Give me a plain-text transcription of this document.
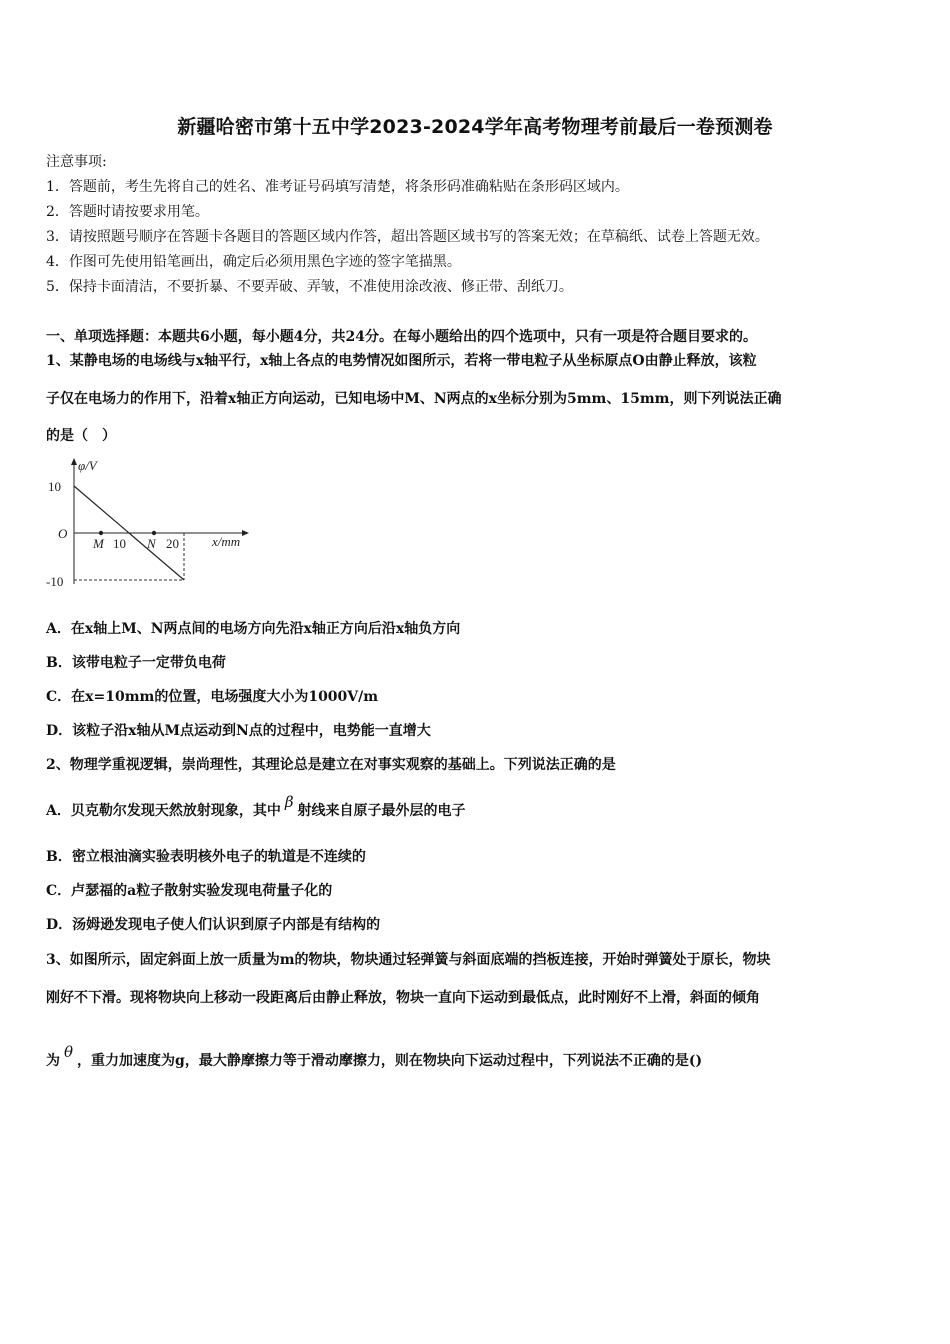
新疆哈密市第十五中学2023-2024学年高考物理考前最后一卷预测卷
注意事项:
1．答题前，考生先将自己的姓名、准考证号码填写清楚，将条形码准确粘贴在条形码区域内。
2．答题时请按要求用笔。
3．请按照题号顺序在答题卡各题目的答题区域内作答，超出答题区域书写的答案无效；在草稿纸、试卷上答题无效。
4．作图可先使用铅笔画出，确定后必须用黑色字迹的签字笔描黑。
5．保持卡面清洁，不要折暴、不要弄破、弄皱，不准使用涂改液、修正带、刮纸刀。
一、单项选择题：本题共6小题，每小题4分，共24分。在每小题给出的四个选项中，只有一项是符合题目要求的。
1、某静电场的电场线与x轴平行，x轴上各点的电势情况如图所示，若将一带电粒子从坐标原点O由静止释放，该粒
子仅在电场力的作用下，沿着x轴正方向运动，已知电场中M、N两点的x坐标分别为5mm、15mm，则下列说法正确
的是（　）
φ/V
10
O
-10
M 10 N 20	x/mm
A．在x轴上M、N两点间的电场方向先沿x轴正方向后沿x轴负方向
B．该带电粒子一定带负电荷
C．在x=10mm的位置，电场强度大小为1000V/m
D．该粒子沿x轴从M点运动到N点的过程中，电势能一直增大
2、物理学重视逻辑，崇尚理性，其理论总是建立在对事实观察的基础上。下列说法正确的是
A．贝克勒尔发现天然放射现象，其中 β 射线来自原子最外层的电子
B．密立根油滴实验表明核外电子的轨道是不连续的
C．卢瑟福的a粒子散射实验发现电荷量子化的
D．汤姆逊发现电子使人们认识到原子内部是有结构的
3、如图所示，固定斜面上放一质量为m的物块，物块通过轻弹簧与斜面底端的挡板连接，开始时弹簧处于原长，物块
刚好不下滑。现将物块向上移动一段距离后由静止释放，物块一直向下运动到最低点，此时刚好不上滑，斜面的倾角
为 θ ，重力加速度为g，最大静摩擦力等于滑动摩擦力，则在物块向下运动过程中，下列说法不正确的是()
